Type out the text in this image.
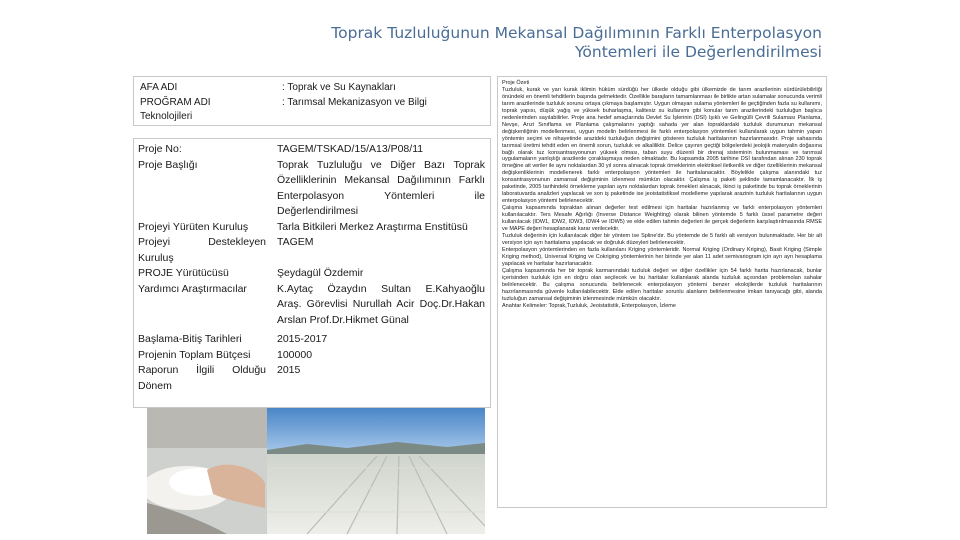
Toprak Tuzluluğunun Mekansal Dağılımının Farklı Enterpolasyon
Yöntemleri ile Değerlendirilmesi
AFA ADI	: Toprak ve Su Kaynakları
PROĞRAM ADI	: Tarımsal Mekanizasyon ve Bilgi
Teknolojileri
Proje No:	TAGEM/TSKAD/15/A13/P08/11
Proje Başlığı	Toprak Tuzluluğu ve Diğer Bazı Toprak
Özelliklerinin Mekansal Dağılımının Farklı
Enterpolasyon Yöntemleri ile
Değerlendirilmesi
Projeyi Yürüten Kuruluş	Tarla Bitkileri Merkez Araştırma Enstitüsü
Projeyi Destekleyen TAGEM
Kuruluş
PROJE Yürütücüsü	Şeydagül Özdemir
Yardımcı Araştırmacılar	K.Aytaç Özaydın Sultan E.Kahyaoğlu
Araş. Görevlisi Nurullah Acir Doç.Dr.Hakan
Arslan Prof.Dr.Hikmet Günal
Başlama-Bitiş Tarihleri	2015-2017
Projenin Toplam Bütçesi	100000
Raporun İlgili Olduğu 2015
Dönem

Proje Özeti

Tuzluluk, kurak ve yarı kurak iklimin hüküm sürdüğü her ülkede olduğu gibi ülkemizde de tarım arazilerinin sürdürülebilirliği önündeki en önemli tehditlerin başında gelmektedir. Özellikle barajların tamamlanması ile birlikte artan sulamalar sonucunda verimli tarım arazilerinde tuzluluk sorunu ortaya çıkmaya başlamıştır. Uygun olmayan sulama yöntemleri ile geçtiğinden fazla su kullanımı, toprak yapısı, düşük yağış ve yüksek buharlaşma, kalitesiz su kullanımı gibi konular tarım arazilerindeki tuzluluğun başlıca nedenlerinden sayılabilirler. Proje ana hedef amaçlarında Devlet Su İşlerinin (DSİ) Işıklı ve Gelingülli Çevrili Sulaması Planlama, Nevşe, Arızi Sınıflama ve Planlama çalışmalarını yaptığı sahada yer alan topraklardaki tuzluluk durumunun mekansal değişkenliğinin modellenmesi, uygun modelin belirlenmesi ile farklı enterpolasyon yöntemleri kullanılarak uygun tahmin yapan yöntemin seçimi ve nihayetinde arazideki tuzluluğun değişimini gösteren tuzluluk haritalarının hazırlanmasıdır. Proje sahasında tarımsal üretimi tehdit eden en önemli sorun, tuzluluk ve alkaliliktir. Delice çayının geçtiği bölgelerdeki jeolojik materyalin doğasına bağlı olarak tuz konsantrasyonunun yüksek olması, taban suyu düzenli bir drenaj sisteminin bulunmaması ve tarımsal uygulamaların yanlışlığı arazilerde çoraklaşmaya neden olmaktadır. Bu kapsamda 2005 tarihine DSİ tarafından alınan 230 toprak örneğine ait veriler ile aynı noktalardan 30 yıl sonra alınacak toprak örneklerinin elektriksel iletkenlik ve diğer özelliklerinin mekansal değişkenliklerinin modellenerek farklı enterpolasyon yöntemleri ile haritalanacaktır. Böylelikle çalışma alanındaki tuz konsantrasyonunun zamansal değişiminin izlenmesi mümkün olacaktır. Çalışma iş paketi şeklinde tamamlanacaktır. İlk iş paketinde, 2005 tarihindeki örnekleme yapılan aynı noktalardan toprak örnekleri alınacak, ikinci iş paketinde bu toprak örneklerinin laboratuvarda analizleri yapılacak ve son iş paketinde ise jeoistatistiksel modelleme yapılarak arazinin tuzluluk haritalarının uygun enterpolasyon yöntemi belirlenecektir.

Çalışma kapsamında topraktan alınan değerler test edilmesi için haritalar hazırlanmış ve farklı enterpolasyon yöntemleri kullanılacaktır. Ters Mesafe Ağırlığı (Inverse Distance Weighting) olarak bilinen yöntemde 5 farklı üssel parametre değeri kullanılacak (IDW1, IDW2, IDW3, IDW4 ve IDW5) ve elde edilen tahmin değerleri ile gerçek değerlerin karşılaştırılmasında RMSE ve MAPE değeri hesaplanarak karar verilecektir.

Tuzluluk değerinin için kullanılacak diğer bir yöntem ise Spline'dır. Bu yöntemde de 5 farklı alt versiyon bulunmaktadır. Her bir alt versiyon için ayrı haritalama yapılacak ve doğruluk düzeyleri belirlenecektir.

Enterpolasyon yöntemlerinden en fazla kullanılanı Kriging yöntemleridir. Normal Kriging (Ordinary Kriging), Basit Kriging (Simple Kriging method), Universal Kriging ve Cokriging yöntemlerinin her birinde yer alan 11 adet semivariogram için ayrı ayrı hesaplama yapılacak ve haritalar hazırlanacaktır.

Çalışma kapsamında her bir toprak karmanındaki tuzluluk değeri ve diğer özellikler için 54 farklı harita hazırlanacak, bunlar içerisinden tuzluluk için en doğru olan seçilecek ve bu haritalar kullanılarak alanda tuzluluk açısından problemolan sahalar belirlenecektir. Bu çalışma sonucunda belirlenecek enterpolasyon yöntemi benzer ekolojilerde tuzluluk haritalarının hazırlanmasında güvenle kullanılabilecektir. Elde edilen haritalar sorunlu alanların belirlenmesine imkan tanıyacağı gibi, alanda tuzluluğun zamansal değişiminin izlenmesinde mümkün olacaktır.

Anahtar Kelimeler: Toprak,Tuzluluk, Jeoistatistik, Enterpolasyon, İzleme
